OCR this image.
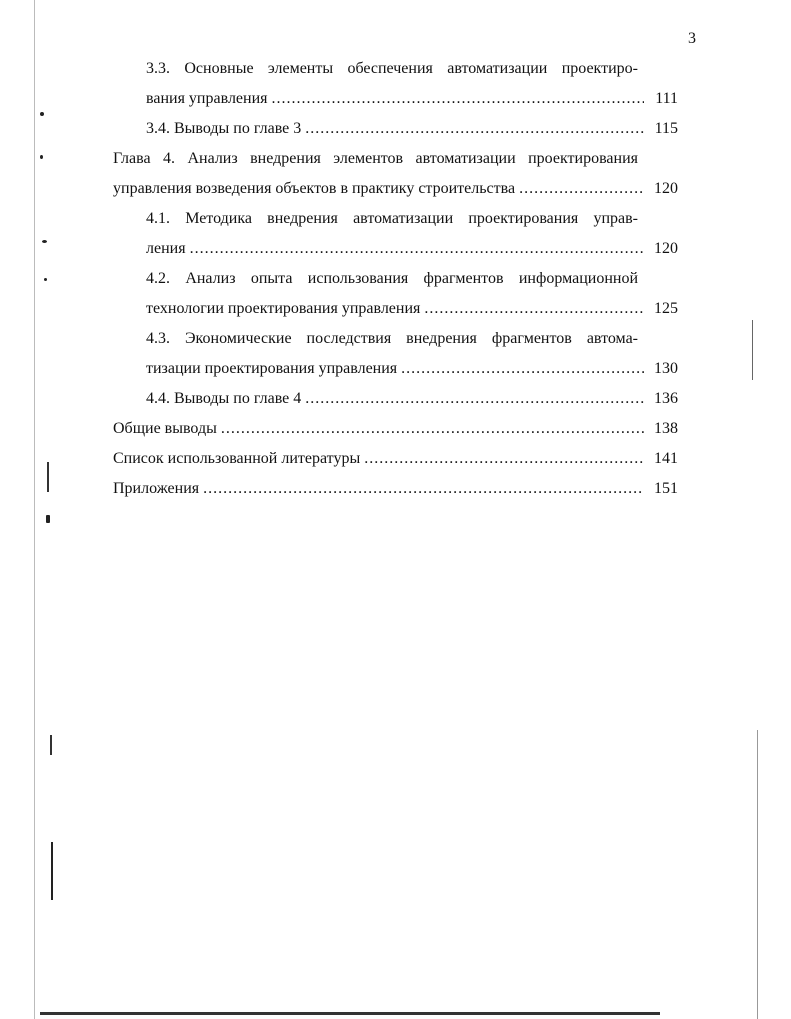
3
3.3. Основные элементы обеспечения автоматизации проектиро-
вания управления .....	111
3.4. Выводы по главе 3 .....	115
Глава 4. Анализ внедрения элементов автоматизации проектирования
управления возведения объектов в практику строительства .....	120
4.1. Методика внедрения автоматизации проектирования управ-
ления .....	120
4.2. Анализ опыта использования фрагментов информационной
технологии проектирования управления .....	125
4.3. Экономические последствия внедрения фрагментов автома-
тизации проектирования управления .....	130
4.4. Выводы по главе 4 .....	136
Общие выводы .....	138
Список использованной литературы .....	141
Приложения .....	151
